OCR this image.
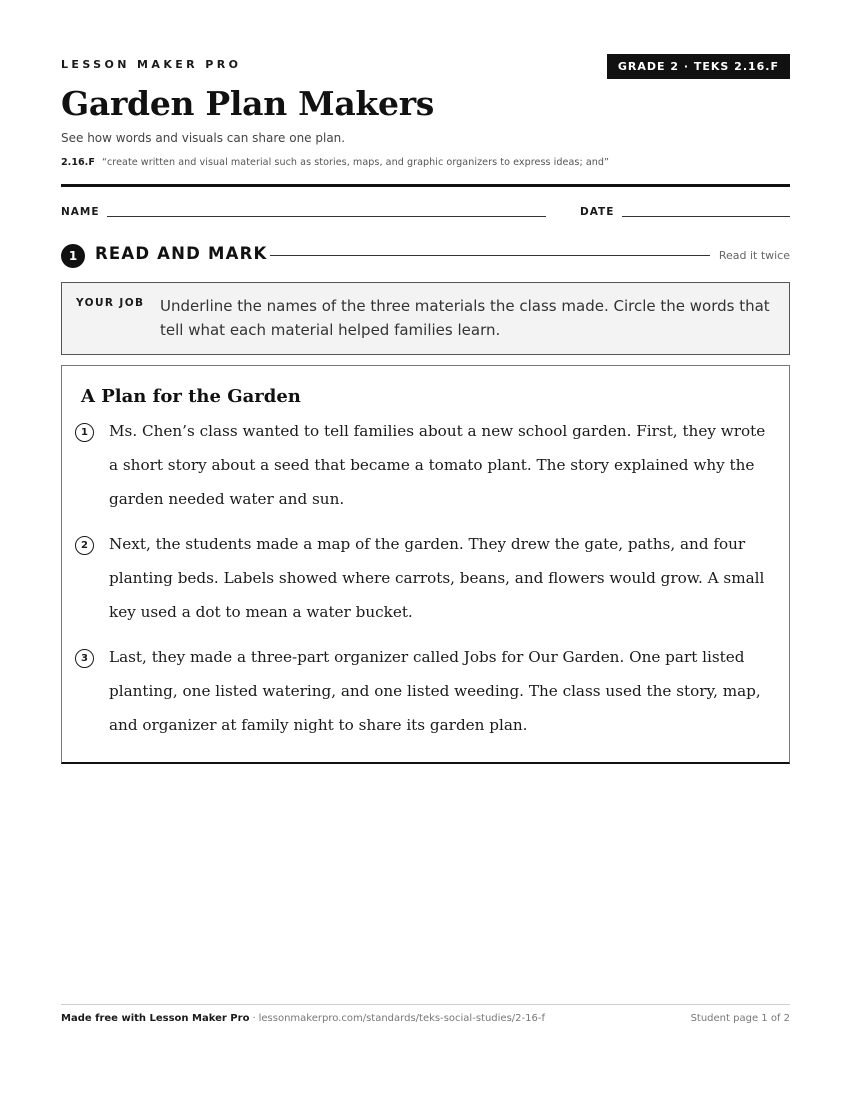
LESSON MAKER PRO	GRADE 2 · TEKS 2.16.F
Garden Plan Makers
See how words and visuals can share one plan.
2.16.F “create written and visual material such as stories, maps, and graphic organizers to express ideas; and”
NAME	DATE
1	READ AND MARK	Read it twice
YOUR JOB Underline the names of the three materials the class made. Circle the words that tell what each material helped families learn.
A Plan for the Garden
1	Ms. Chen’s class wanted to tell families about a new school garden. First, they wrote a short story about a seed that became a tomato plant. The story explained why the garden needed water and sun.
2	Next, the students made a map of the garden. They drew the gate, paths, and four planting beds. Labels showed where carrots, beans, and flowers would grow. A small key used a dot to mean a water bucket.
3	Last, they made a three-part organizer called Jobs for Our Garden. One part listed planting, one listed watering, and one listed weeding. The class used the story, map, and organizer at family night to share its garden plan.
Made free with Lesson Maker Pro · lessonmakerpro.com/standards/teks-social-studies/2-16-f	Student page 1 of 2
